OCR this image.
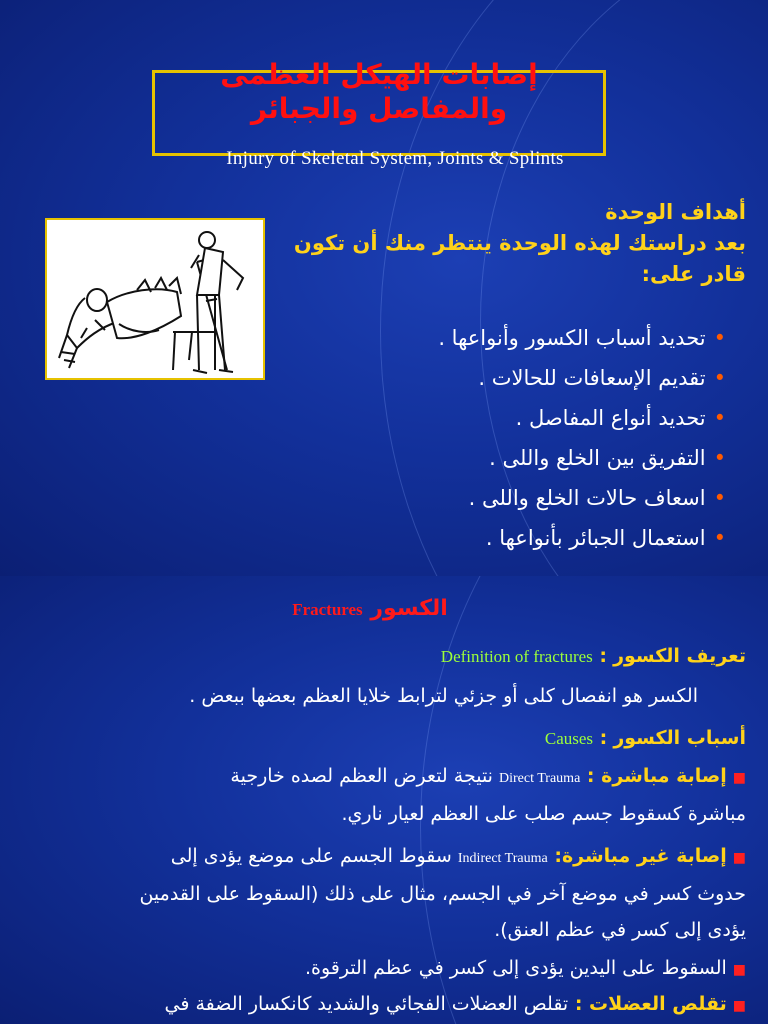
إصابات الهيكل العظمى والمفاصل والجبائر
Injury of Skeletal System, Joints & Splints
أهداف الوحدة
بعد دراستك لهذه الوحدة ينتظر منك أن تكون
قادر على:
• تحديد أسباب الكسور وأنواعها .
• تقديم الإسعافات للحالات .
• تحديد أنواع المفاصل .
• التفريق بين الخلع واللى .
• اسعاف حالات الخلع واللى .
• استعمال الجبائر بأنواعها .
Fractures الكسور
تعريف الكسور : Definition of fractures
الكسر هو انفصال كلى أو جزئي لترابط خلايا العظم بعضها ببعض .
أسباب الكسور : Causes
■إصابة مباشرة : Direct Trauma نتيجة لتعرض العظم لصده خارجية
مباشرة كسقوط جسم صلب على العظم لعيار ناري.
■إصابة غير مباشرة: Indirect Trauma سقوط الجسم على موضع يؤدى إلى
حدوث كسر في موضع آخر في الجسم، مثال على ذلك (السقوط على القدمين
يؤدى إلى كسر في عظم العنق).
■السقوط على اليدين يؤدى إلى كسر في عظم الترقوة.
■تقلص العضلات : تقلص العضلات الفجائي والشديد كانكسار الضفة في
